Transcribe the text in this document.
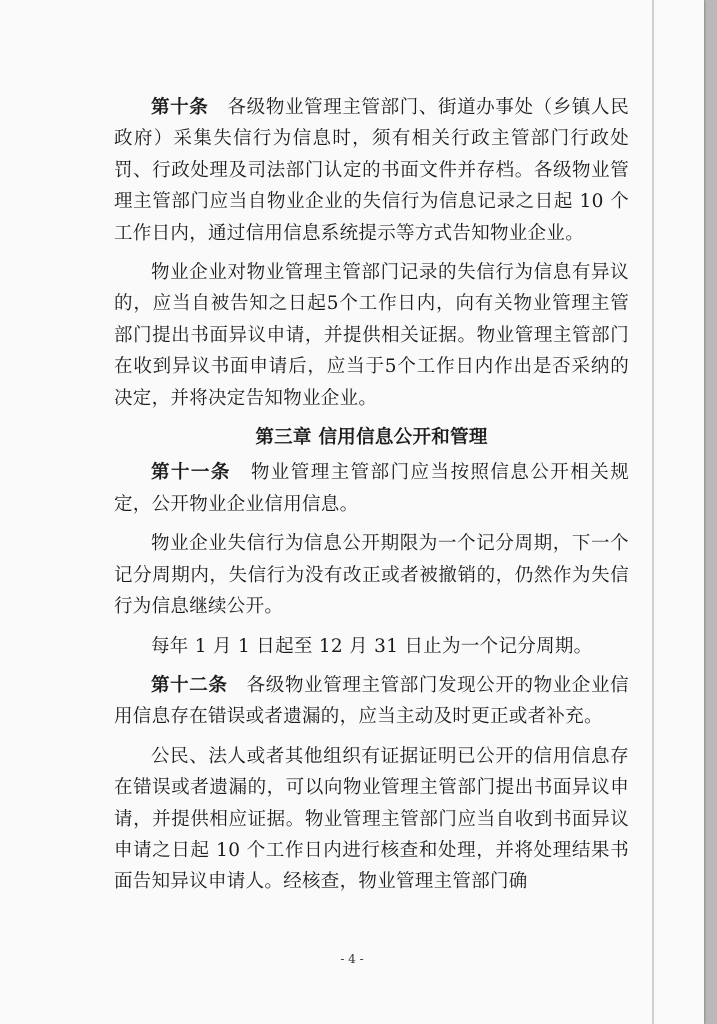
第十条  各级物业管理主管部门、街道办事处（乡镇人民政府）采集失信行为信息时，须有相关行政主管部门行政处罚、行政处理及司法部门认定的书面文件并存档。各级物业管理主管部门应当自物业企业的失信行为信息记录之日起 10 个工作日内，通过信用信息系统提示等方式告知物业企业。

物业企业对物业管理主管部门记录的失信行为信息有异议的，应当自被告知之日起5个工作日内，向有关物业管理主管部门提出书面异议申请，并提供相关证据。物业管理主管部门在收到异议书面申请后，应当于5个工作日内作出是否采纳的决定，并将决定告知物业企业。

第三章 信用信息公开和管理

第十一条  物业管理主管部门应当按照信息公开相关规定，公开物业企业信用信息。

物业企业失信行为信息公开期限为一个记分周期，下一个记分周期内，失信行为没有改正或者被撤销的，仍然作为失信行为信息继续公开。

每年 1 月 1 日起至 12 月 31 日止为一个记分周期。

第十二条  各级物业管理主管部门发现公开的物业企业信用信息存在错误或者遗漏的，应当主动及时更正或者补充。

公民、法人或者其他组织有证据证明已公开的信用信息存在错误或者遗漏的，可以向物业管理主管部门提出书面异议申请，并提供相应证据。物业管理主管部门应当自收到书面异议申请之日起 10 个工作日内进行核查和处理，并将处理结果书面告知异议申请人。经核查，物业管理主管部门确

- 4 -
